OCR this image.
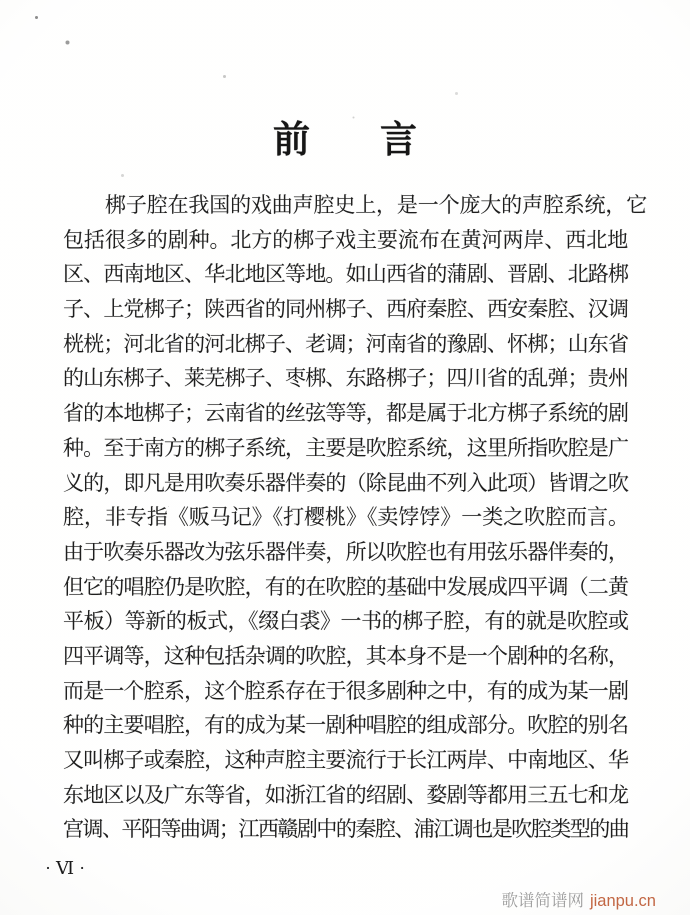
前 言
梆子腔在我国的戏曲声腔史上，是一个庞大的声腔系统，它
包括很多的剧种。北方的梆子戏主要流布在黄河两岸、西北地
区、西南地区、华北地区等地。如山西省的蒲剧、晋剧、北路梆
子、上党梆子；陕西省的同州梆子、西府秦腔、西安秦腔、汉调
桄桄；河北省的河北梆子、老调；河南省的豫剧、怀梆；山东省
的山东梆子、莱芜梆子、枣梆、东路梆子；四川省的乱弹；贵州
省的本地梆子；云南省的丝弦等等，都是属于北方梆子系统的剧
种。至于南方的梆子系统，主要是吹腔系统，这里所指吹腔是广
义的，即凡是用吹奏乐器伴奏的（除昆曲不列入此项）皆谓之吹
腔，非专指《贩马记》《打樱桃》《卖饽饽》一类之吹腔而言。
由于吹奏乐器改为弦乐器伴奏，所以吹腔也有用弦乐器伴奏的，
但它的唱腔仍是吹腔，有的在吹腔的基础中发展成四平调（二黄
平板）等新的板式，《缀白裘》一书的梆子腔，有的就是吹腔或
四平调等，这种包括杂调的吹腔，其本身不是一个剧种的名称，
而是一个腔系，这个腔系存在于很多剧种之中，有的成为某一剧
种的主要唱腔，有的成为某一剧种唱腔的组成部分。吹腔的别名
又叫梆子或秦腔，这种声腔主要流行于长江两岸、中南地区、华
东地区以及广东等省，如浙江省的绍剧、婺剧等都用三五七和龙
宫调、平阳等曲调；江西赣剧中的秦腔、浦江调也是吹腔类型的曲
·Ⅵ·
歌谱简谱网 jianpu.cn
